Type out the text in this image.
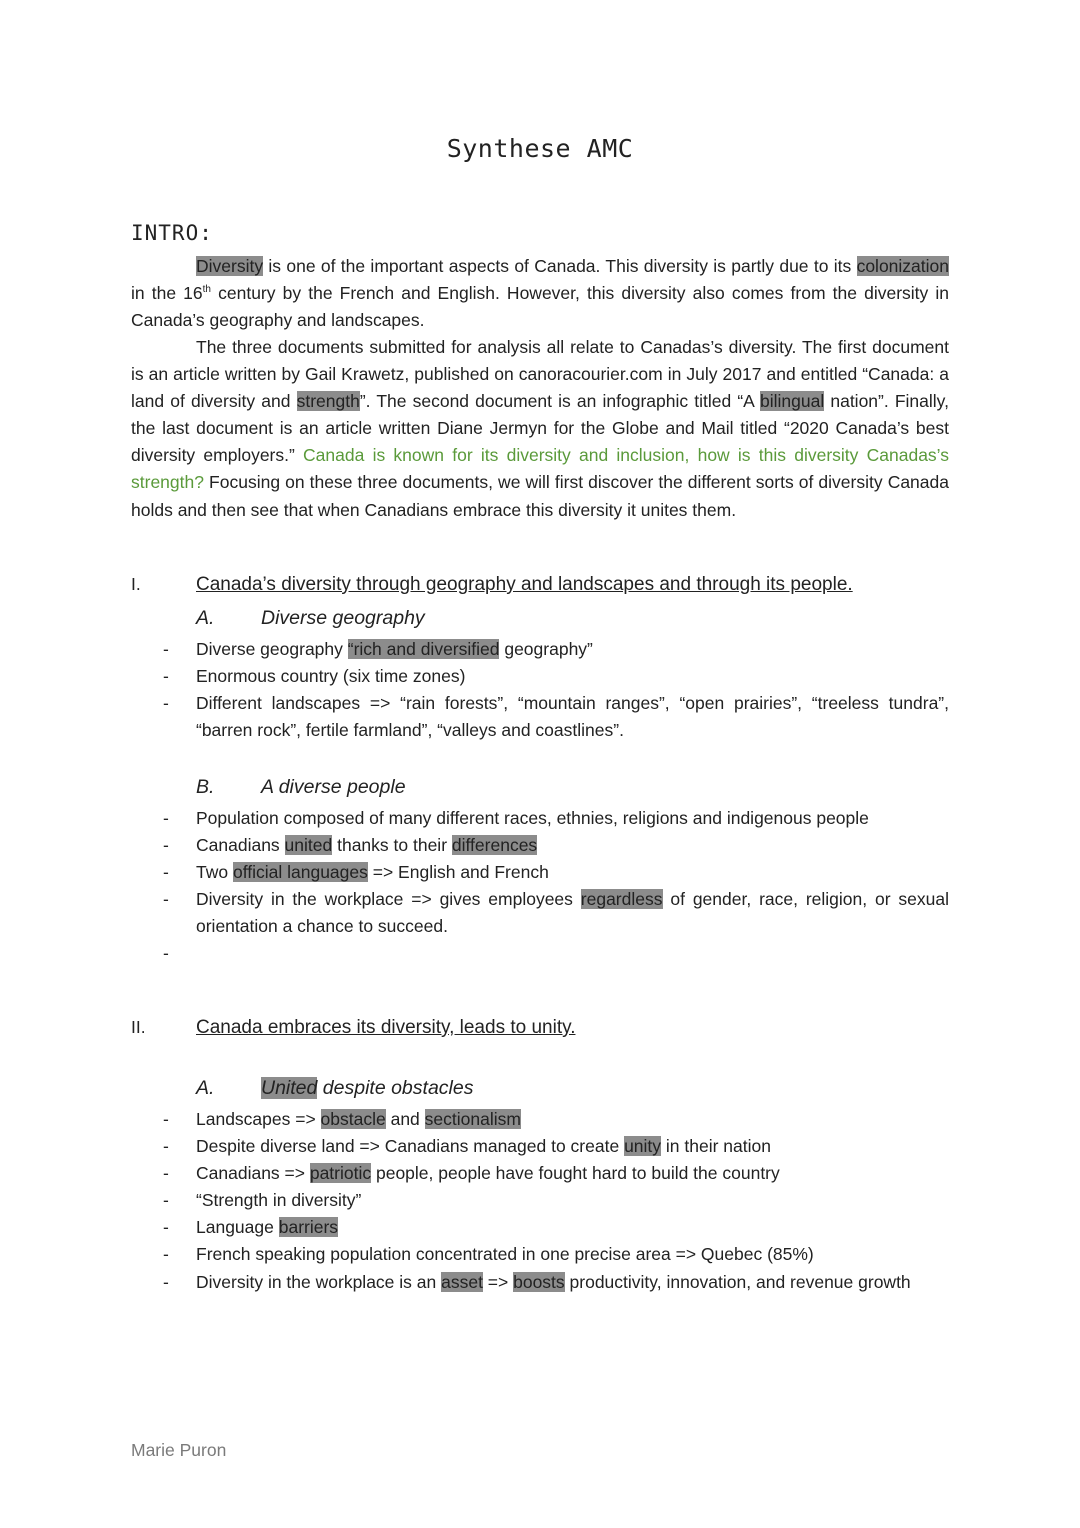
Synthese AMC
INTRO:

Diversity is one of the important aspects of Canada. This diversity is partly due to its colonization in the 16th century by the French and English. However, this diversity also comes from the diversity in Canada’s geography and landscapes.

The three documents submitted for analysis all relate to Canadas’s diversity. The first document is an article written by Gail Krawetz, published on canoracourier.com in July 2017 and entitled “Canada: a land of diversity and strength”. The second document is an infographic titled “A bilingual nation”. Finally, the last document is an article written Diane Jermyn for the Globe and Mail titled “2020 Canada’s best diversity employers.” Canada is known for its diversity and inclusion, how is this diversity Canadas’s strength? Focusing on these three documents, we will first discover the different sorts of diversity Canada holds and then see that when Canadians embrace this diversity it unites them.

I.	Canada’s diversity through geography and landscapes and through its people.
A. Diverse geography
- Diverse geography “rich and diversified geography”
- Enormous country (six time zones)
- Different landscapes => “rain forests”, “mountain ranges”, “open prairies”, “treeless tundra”, “barren rock”, fertile farmland”, “valleys and coastlines”.
B. A diverse people
- Population composed of many different races, ethnies, religions and indigenous people
- Canadians united thanks to their differences
- Two official languages => English and French
- Diversity in the workplace => gives employees regardless of gender, race, religion, or sexual orientation a chance to succeed.
-
II.	Canada embraces its diversity, leads to unity.
A. United despite obstacles
- Landscapes => obstacle and sectionalism
- Despite diverse land => Canadians managed to create unity in their nation
- Canadians => patriotic people, people have fought hard to build the country
- “Strength in diversity”
- Language barriers
- French speaking population concentrated in one precise area => Quebec (85%)
- Diversity in the workplace is an asset => boosts productivity, innovation, and revenue growth
Marie Puron
